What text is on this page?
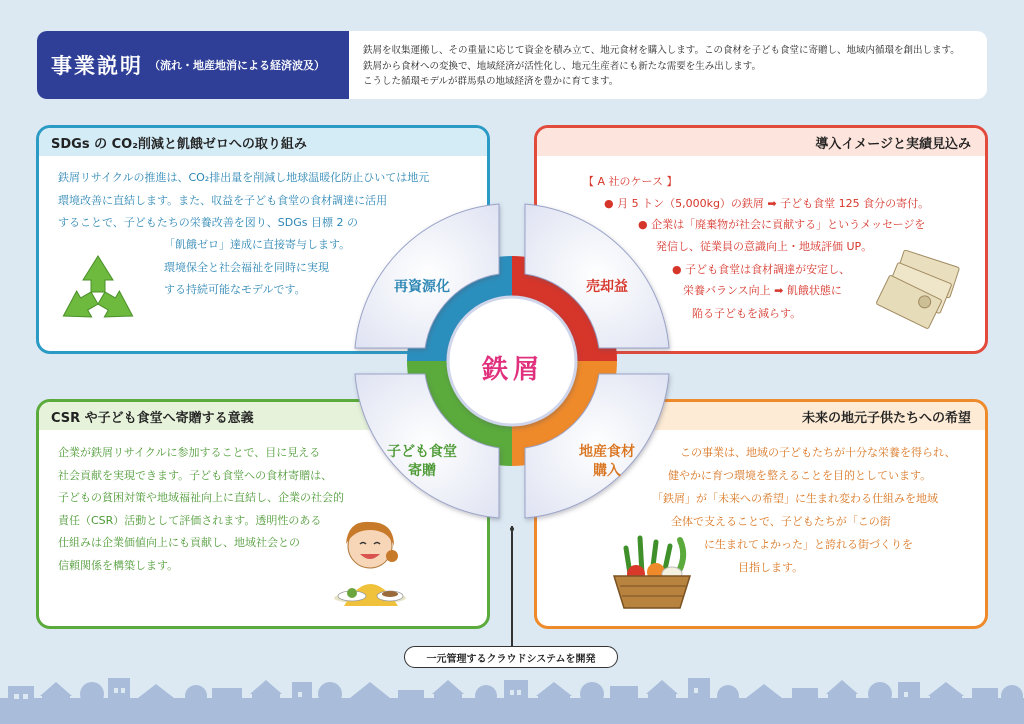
事業説明 （流れ・地産地消による経済波及）
鉄屑を収集運搬し、その重量に応じて資金を積み立て、地元食材を購入します。この食材を子ども食堂に寄贈し、地域内循環を創出します。
鉄屑から食材への変換で、地域経済が活性化し、地元生産者にも新たな需要を生み出します。
こうした循環モデルが群馬県の地域経済を豊かに育てます。
SDGs の CO₂削減と飢餓ゼロへの取り組み
鉄屑リサイクルの推進は、CO₂排出量を削減し地球温暖化防止ひいては地元
環境改善に直結します。また、収益を子ども食堂の食材調達に活用
することで、子どもたちの栄養改善を図り、SDGs 目標 2 の
「飢餓ゼロ」達成に直接寄与します。
環境保全と社会福祉を同時に実現
する持続可能なモデルです。
導入イメージと実績見込み
【 A 社のケース 】
● 月 5 トン（5,000kg）の鉄屑 ➡ 子ども食堂 125 食分の寄付。
● 企業は「廃棄物が社会に貢献する」というメッセージを
発信し、従業員の意識向上・地域評価 UP。
● 子ども食堂は食材調達が安定し、
栄養バランス向上 ➡ 飢餓状態に
陥る子どもを減らす。
CSR や子ども食堂へ寄贈する意義
企業が鉄屑リサイクルに参加することで、目に見える
社会貢献を実現できます。子ども食堂への食材寄贈は、
子どもの貧困対策や地域福祉向上に直結し、企業の社会的
責任（CSR）活動として評価されます。透明性のある
仕組みは企業価値向上にも貢献し、地域社会との
信頼関係を構築します。
未来の地元子供たちへの希望
この事業は、地域の子どもたちが十分な栄養を得られ、
健やかに育つ環境を整えることを目的としています。
「鉄屑」が「未来への希望」に生まれ変わる仕組みを地域
全体で支えることで、子どもたちが「この街
に生まれてよかった」と誇れる街づくりを
目指します。
再資源化	売却益
子ども食堂
寄贈
地産食材
購入
鉄屑
一元管理するクラウドシステムを開発
